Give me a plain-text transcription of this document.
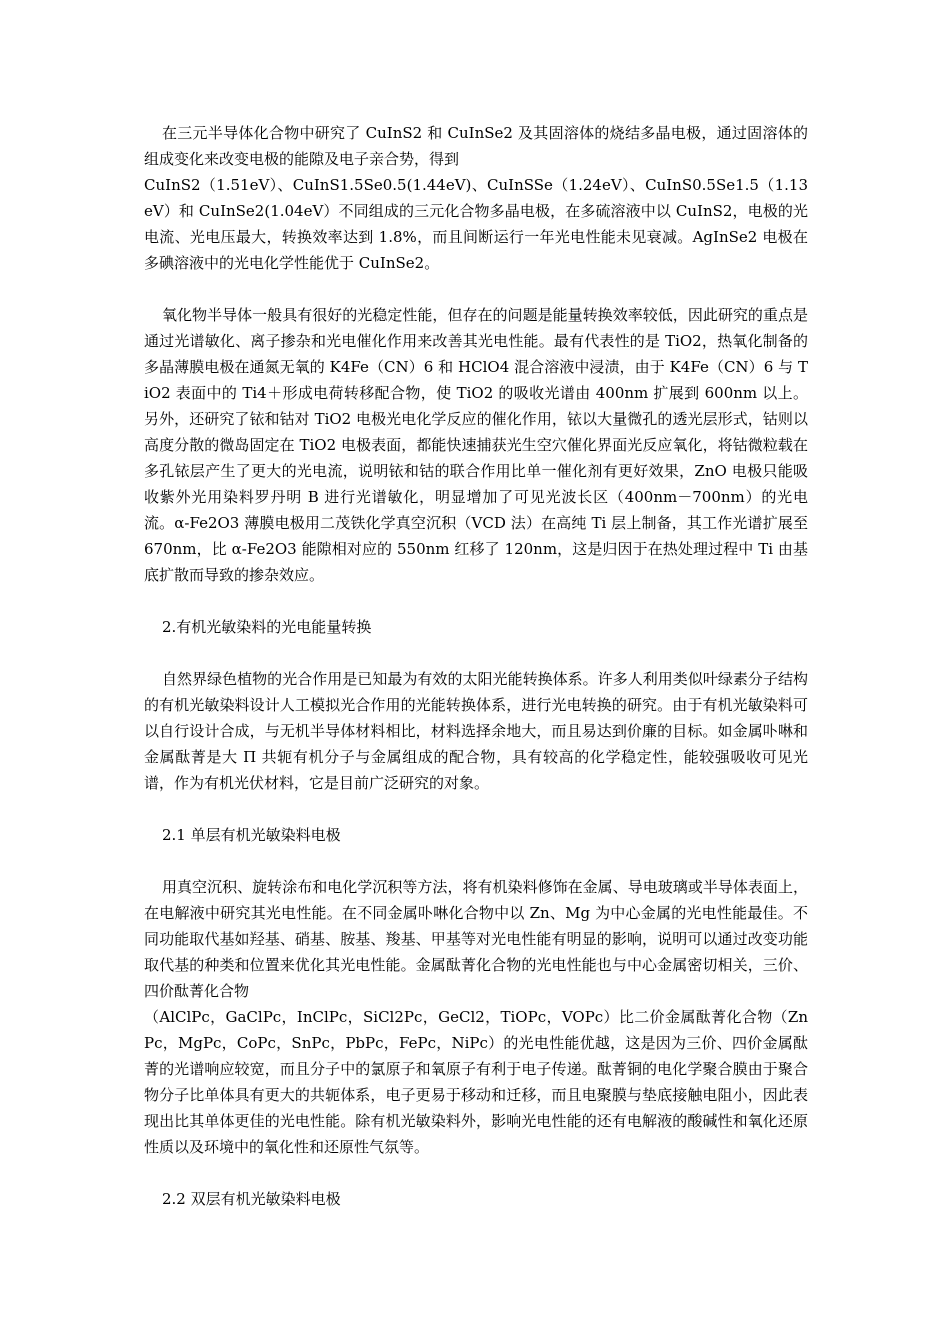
在三元半导体化合物中研究了 CuInS2 和 CuInSe2 及其固溶体的烧结多晶电极，通过固溶体的组成变化来改变电极的能隙及电子亲合势，得到

CuInS2（1.51eV）、CuInS1.5Se0.5(1.44eV)、CuInSSe（1.24eV）、CuInS0.5Se1.5（1.13eV）和 CuInSe2(1.04eV）不同组成的三元化合物多晶电极，在多硫溶液中以 CuInS2，电极的光电流、光电压最大，转换效率达到 1.8%，而且间断运行一年光电性能未见衰减。AgInSe2 电极在多碘溶液中的光电化学性能优于 CuInSe2。

氧化物半导体一般具有很好的光稳定性能，但存在的问题是能量转换效率较低，因此研究的重点是通过光谱敏化、离子掺杂和光电催化作用来改善其光电性能。最有代表性的是 TiO2，热氧化制备的多晶薄膜电极在通氮无氧的 K4Fe（CN）6 和 HClO4 混合溶液中浸渍，由于 K4Fe（CN）6 与 TiO2 表面中的 Ti4＋形成电荷转移配合物，使 TiO2 的吸收光谱由 400nm 扩展到 600nm 以上。另外，还研究了铱和钴对 TiO2 电极光电化学反应的催化作用，铱以大量微孔的透光层形式，钴则以高度分散的微岛固定在 TiO2 电极表面，都能快速捕获光生空穴催化界面光反应氧化，将钴微粒载在多孔铱层产生了更大的光电流，说明铱和钴的联合作用比单一催化剂有更好效果，ZnO 电极只能吸收紫外光用染料罗丹明 B 进行光谱敏化，明显增加了可见光波长区（400nm－700nm）的光电流。α-Fe2O3 薄膜电极用二茂铁化学真空沉积（VCD 法）在高纯 Ti 层上制备，其工作光谱扩展至 670nm，比 α-Fe2O3 能隙相对应的 550nm 红移了 120nm，这是归因于在热处理过程中 Ti 由基底扩散而导致的掺杂效应。

2.有机光敏染料的光电能量转换

自然界绿色植物的光合作用是已知最为有效的太阳光能转换体系。许多人利用类似叶绿素分子结构的有机光敏染料设计人工模拟光合作用的光能转换体系，进行光电转换的研究。由于有机光敏染料可以自行设计合成，与无机半导体材料相比，材料选择余地大，而且易达到价廉的目标。如金属卟啉和金属酞菁是大 Π 共轭有机分子与金属组成的配合物，具有较高的化学稳定性，能较强吸收可见光谱，作为有机光伏材料，它是目前广泛研究的对象。

2.1 单层有机光敏染料电极

用真空沉积、旋转涂布和电化学沉积等方法，将有机染料修饰在金属、导电玻璃或半导体表面上，在电解液中研究其光电性能。在不同金属卟啉化合物中以 Zn、Mg 为中心金属的光电性能最佳。不同功能取代基如羟基、硝基、胺基、羧基、甲基等对光电性能有明显的影响，说明可以通过改变功能取代基的种类和位置来优化其光电性能。金属酞菁化合物的光电性能也与中心金属密切相关，三价、四价酞菁化合物

（AlClPc，GaClPc，InClPc，SiCl2Pc，GeCl2，TiOPc，VOPc）比二价金属酞菁化合物（ZnPc，MgPc，CoPc，SnPc，PbPc，FePc，NiPc）的光电性能优越，这是因为三价、四价金属酞菁的光谱响应较宽，而且分子中的氯原子和氧原子有利于电子传递。酞菁铜的电化学聚合膜由于聚合物分子比单体具有更大的共轭体系，电子更易于移动和迁移，而且电聚膜与垫底接触电阻小，因此表现出比其单体更佳的光电性能。除有机光敏染料外，影响光电性能的还有电解液的酸碱性和氧化还原性质以及环境中的氧化性和还原性气氛等。

2.2 双层有机光敏染料电极
